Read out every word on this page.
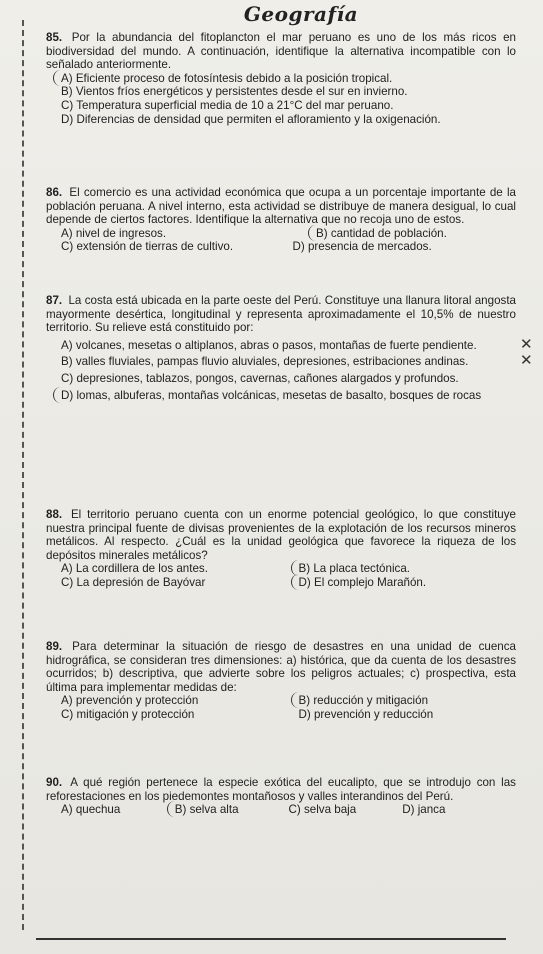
Geografía
85. Por la abundancia del fitoplancton el mar peruano es uno de los más ricos en biodiversidad del mundo. A continuación, identifique la alternativa incompatible con lo señalado anteriormente.
A) Eficiente proceso de fotosíntesis debido a la posición tropical.
B) Vientos fríos energéticos y persistentes desde el sur en invierno.
C) Temperatura superficial media de 10 a 21°C del mar peruano.
D) Diferencias de densidad que permiten el afloramiento y la oxigenación.
86. El comercio es una actividad económica que ocupa a un porcentaje importante de la población peruana. A nivel interno, esta actividad se distribuye de manera desigual, lo cual depende de ciertos factores. Identifique la alternativa que no recoja uno de estos.
A) nivel de ingresos.	B) cantidad de población.
C) extensión de tierras de cultivo.	D) presencia de mercados.
87. La costa está ubicada en la parte oeste del Perú. Constituye una llanura litoral angosta mayormente desértica, longitudinal y representa aproximadamente el 10,5% de nuestro territorio. Su relieve está constituido por:
A) volcanes, mesetas o altiplanos, abras o pasos, montañas de fuerte pendiente.	✕
B) valles fluviales, pampas fluvio aluviales, depresiones, estribaciones andinas.	✕
C) depresiones, tablazos, pongos, cavernas, cañones alargados y profundos.
D) lomas, albuferas, montañas volcánicas, mesetas de basalto, bosques de rocas
88. El territorio peruano cuenta con un enorme potencial geológico, lo que constituye nuestra principal fuente de divisas provenientes de la explotación de los recursos mineros metálicos. Al respecto. ¿Cuál es la unidad geológica que favorece la riqueza de los depósitos minerales metálicos?
A) La cordillera de los antes.	B) La placa tectónica.
C) La depresión de Bayóvar	D) El complejo Marañón.
89. Para determinar la situación de riesgo de desastres en una unidad de cuenca hidrográfica, se consideran tres dimensiones: a) histórica, que da cuenta de los desastres ocurridos; b) descriptiva, que advierte sobre los peligros actuales; c) prospectiva, esta última para implementar medidas de:
A) prevención y protección	B) reducción y mitigación
C) mitigación y protección	D) prevención y reducción
90. A qué región pertenece la especie exótica del eucalipto, que se introdujo con las reforestaciones en los piedemontes montañosos y valles interandinos del Perú.
A) quechua	B) selva alta	C) selva baja	D) janca
